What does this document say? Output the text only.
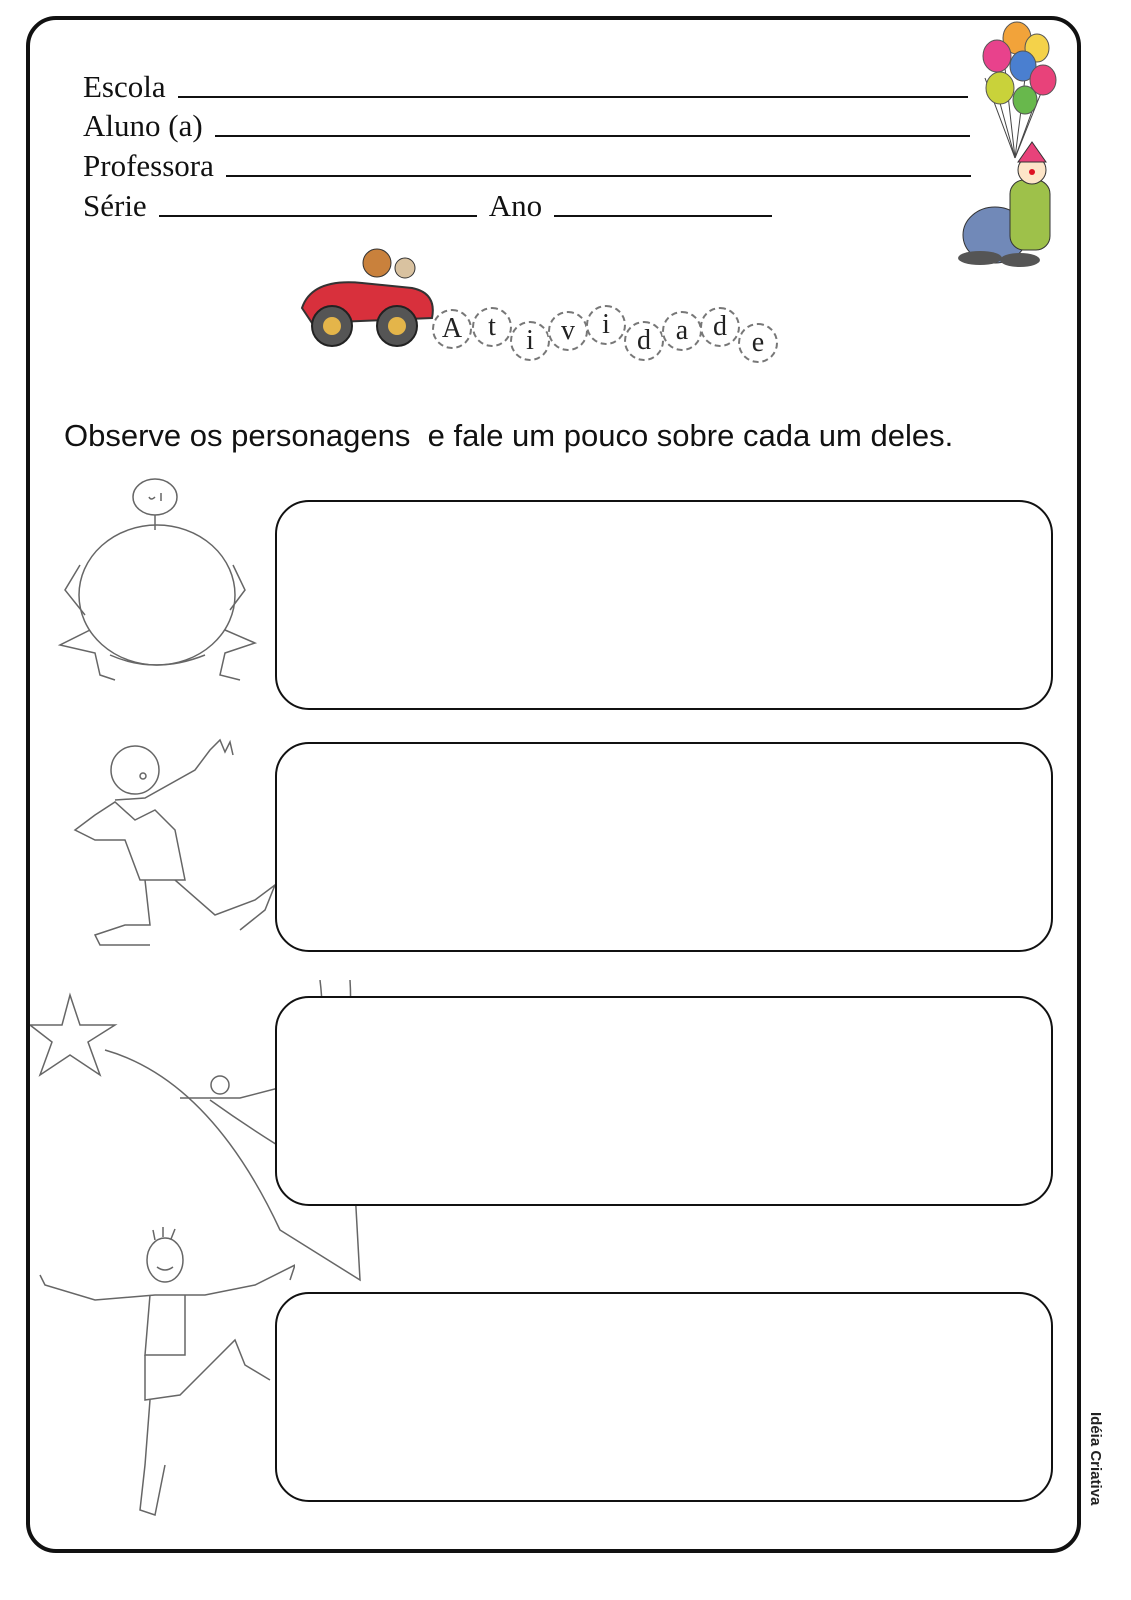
Escola
Aluno (a)
Professora
Série	Ano
A t	i v i
d a d
e
Observe os personagens  e fale um pouco sobre cada um deles.
Idéia Criativa
